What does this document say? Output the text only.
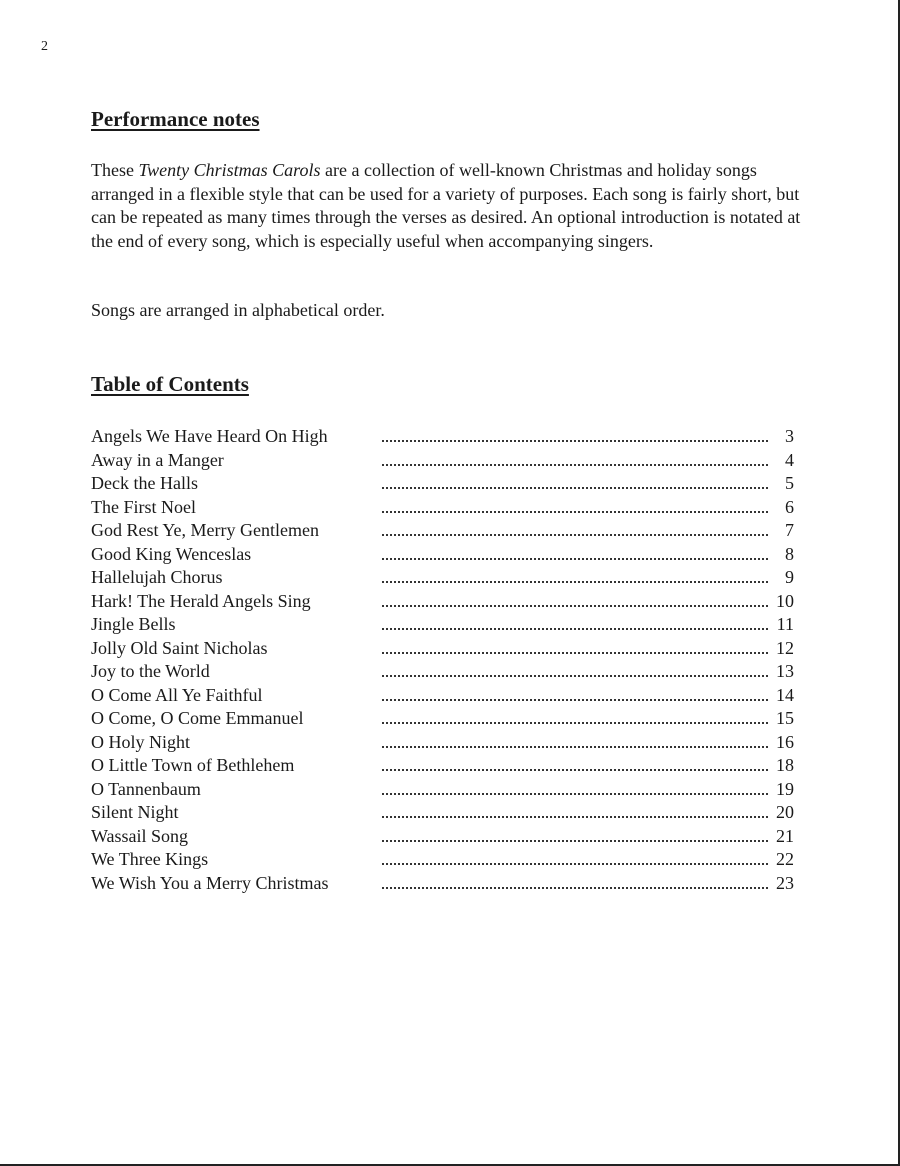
2
Performance notes

These Twenty Christmas Carols are a collection of well-known Christmas and holiday songs arranged in a flexible style that can be used for a variety of purposes. Each song is fairly short, but can be repeated as many times through the verses as desired. An optional introduction is notated at the end of every song, which is especially useful when accompanying singers.

Songs are arranged in alphabetical order.

Table of Contents
Angels We Have Heard On High	3
Away in a Manger	4
Deck the Halls	5
The First Noel	6
God Rest Ye, Merry Gentlemen	7
Good King Wenceslas	8
Hallelujah Chorus	9
Hark! The Herald Angels Sing	10
Jingle Bells	11
Jolly Old Saint Nicholas	12
Joy to the World	13
O Come All Ye Faithful	14
O Come, O Come Emmanuel	15
O Holy Night	16
O Little Town of Bethlehem	18
O Tannenbaum	19
Silent Night	20
Wassail Song	21
We Three Kings	22
We Wish You a Merry Christmas	23
